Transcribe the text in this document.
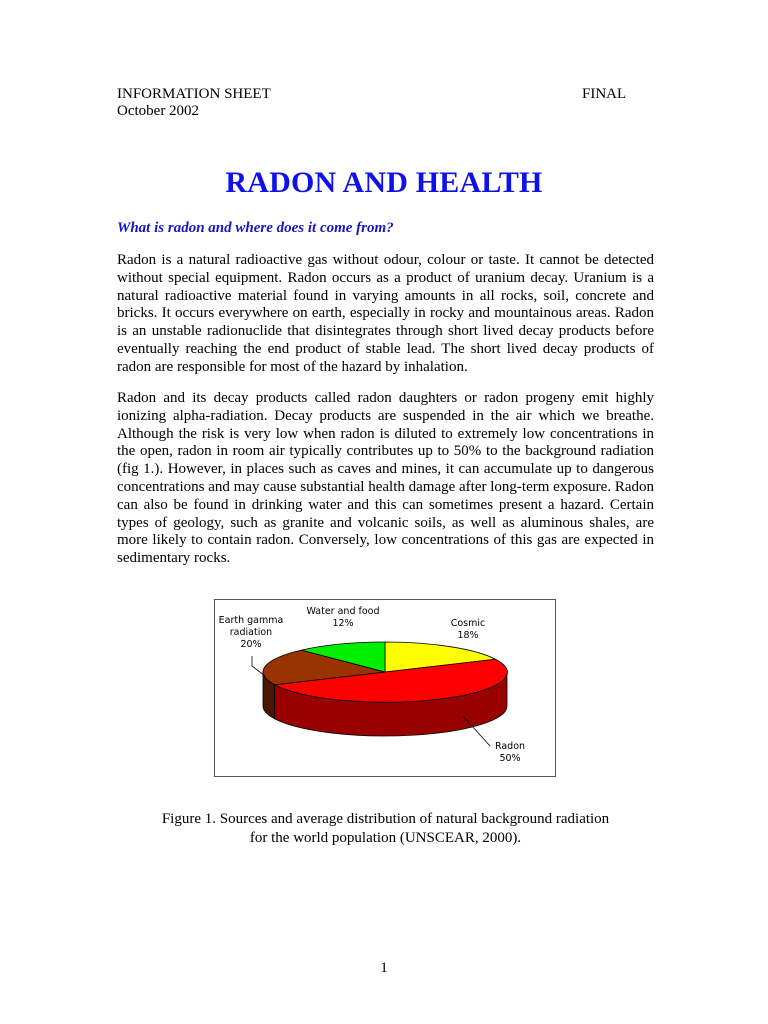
INFORMATION SHEET
October 2002
FINAL
RADON AND HEALTH
What is radon and where does it come from?

Radon is a natural radioactive gas without odour, colour or taste. It cannot be detected without special equipment. Radon occurs as a product of uranium decay. Uranium is a natural radioactive material found in varying amounts in all rocks, soil, concrete and bricks. It occurs everywhere on earth, especially in rocky and mountainous areas. Radon is an unstable radionuclide that disintegrates through short lived decay products before eventually reaching the end product of stable lead. The short lived decay products of radon are responsible for most of the hazard by inhalation.

Radon and its decay products called radon daughters or radon progeny emit highly ionizing alpha-radiation. Decay products are suspended in the air which we breathe. Although the risk is very low when radon is diluted to extremely low concentrations in the open, radon in room air typically contributes up to 50% to the background radiation (fig 1.). However, in places such as caves and mines, it can accumulate up to dangerous concentrations and may cause substantial health damage after long-term exposure. Radon can also be found in drinking water and this can sometimes present a hazard. Certain types of geology, such as granite and volcanic soils, as well as aluminous shales, are more likely to contain radon. Conversely, low concentrations of this gas are expected in sedimentary rocks.

Earth gamma
radiation
20%
Water and food
12%	Cosmic
18%
Radon
50%
Figure 1. Sources and average distribution of natural background radiation
for the world population (UNSCEAR, 2000).
1
